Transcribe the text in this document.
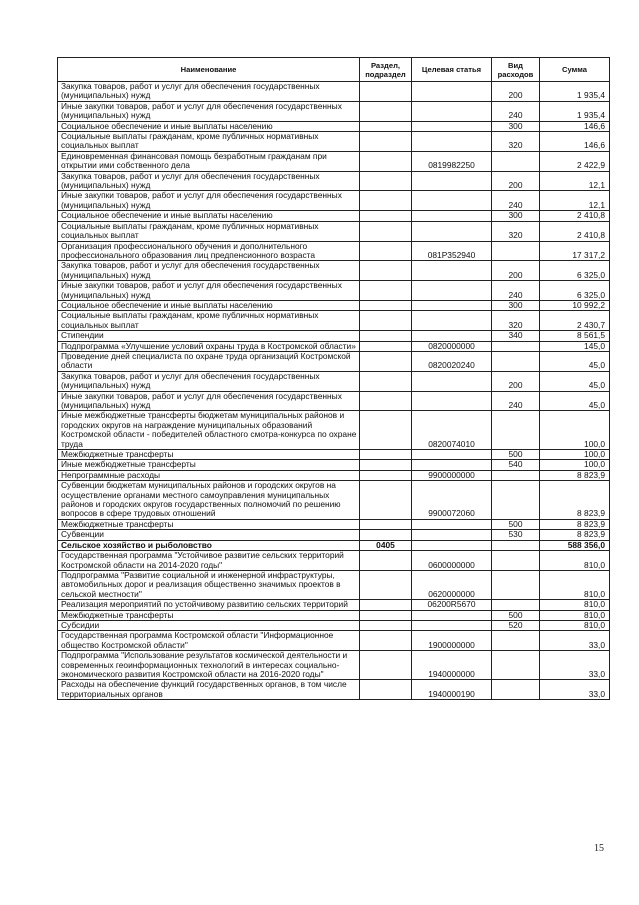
Наименование	Раздел, подраздел	Целевая статья	Вид расходов	Сумма
Закупка товаров, работ и услуг для обеспечения государственных (муниципальных) нужд			200	1 935,4
Иные закупки товаров, работ и услуг для обеспечения государственных (муниципальных) нужд			240	1 935,4
Социальное обеспечение и иные выплаты населению			300	146,6
Социальные выплаты гражданам, кроме публичных нормативных социальных выплат			320	146,6
Единовременная финансовая помощь безработным гражданам при открытии ими собственного дела		0819982250		2 422,9
Закупка товаров, работ и услуг для обеспечения государственных (муниципальных) нужд			200	12,1
Иные закупки товаров, работ и услуг для обеспечения государственных (муниципальных) нужд			240	12,1
Социальное обеспечение и иные выплаты населению			300	2 410,8
Социальные выплаты гражданам, кроме публичных нормативных социальных выплат			320	2 410,8
Организация профессионального обучения и дополнительного профессионального образования лиц предпенсионного возраста		081P352940		17 317,2
Закупка товаров, работ и услуг для обеспечения государственных (муниципальных) нужд			200	6 325,0
Иные закупки товаров, работ и услуг для обеспечения государственных (муниципальных) нужд			240	6 325,0
Социальное обеспечение и иные выплаты населению			300	10 992,2
Социальные выплаты гражданам, кроме публичных нормативных социальных выплат			320	2 430,7
Стипендии			340	8 561,5
Подпрограмма «Улучшение условий охраны труда в Костромской области»		0820000000		145,0
Проведение дней специалиста по охране труда организаций Костромской области		0820020240		45,0
Закупка товаров, работ и услуг для обеспечения государственных (муниципальных) нужд			200	45,0
Иные закупки товаров, работ и услуг для обеспечения государственных (муниципальных) нужд			240	45,0
Иные межбюджетные трансферты бюджетам муниципальных районов и городских округов на награждение муниципальных образований Костромской области - победителей областного смотра-конкурса по охране труда		0820074010		100,0
Межбюджетные трансферты			500	100,0
Иные межбюджетные трансферты			540	100,0
Непрограммные расходы		9900000000		8 823,9
Субвенции бюджетам муниципальных районов и городских округов на осуществление органами местного самоуправления муниципальных районов и городских округов государственных полномочий по решению вопросов в сфере трудовых отношений		9900072060		8 823,9
Межбюджетные трансферты			500	8 823,9
Субвенции			530	8 823,9
Сельское хозяйство и рыболовство	0405			588 356,0
Государственная программа "Устойчивое развитие сельских территорий Костромской области на 2014-2020 годы"		0600000000		810,0
Подпрограмма "Развитие социальной и инженерной инфраструктуры, автомобильных дорог и реализация общественно значимых проектов в сельской местности"		0620000000		810,0
Реализация мероприятий по устойчивому развитию сельских территорий		06200R5670		810,0
Межбюджетные трансферты			500	810,0
Субсидии			520	810,0
Государственная программа Костромской области "Информационное общество Костромской области"		1900000000		33,0
Подпрограмма "Использование результатов космической деятельности и современных геоинформационных технологий в интересах социально-экономического развития Костромской области на 2016-2020 годы"		1940000000		33,0
Расходы на обеспечение функций государственных органов, в том числе территориальных органов		1940000190		33,0
15
